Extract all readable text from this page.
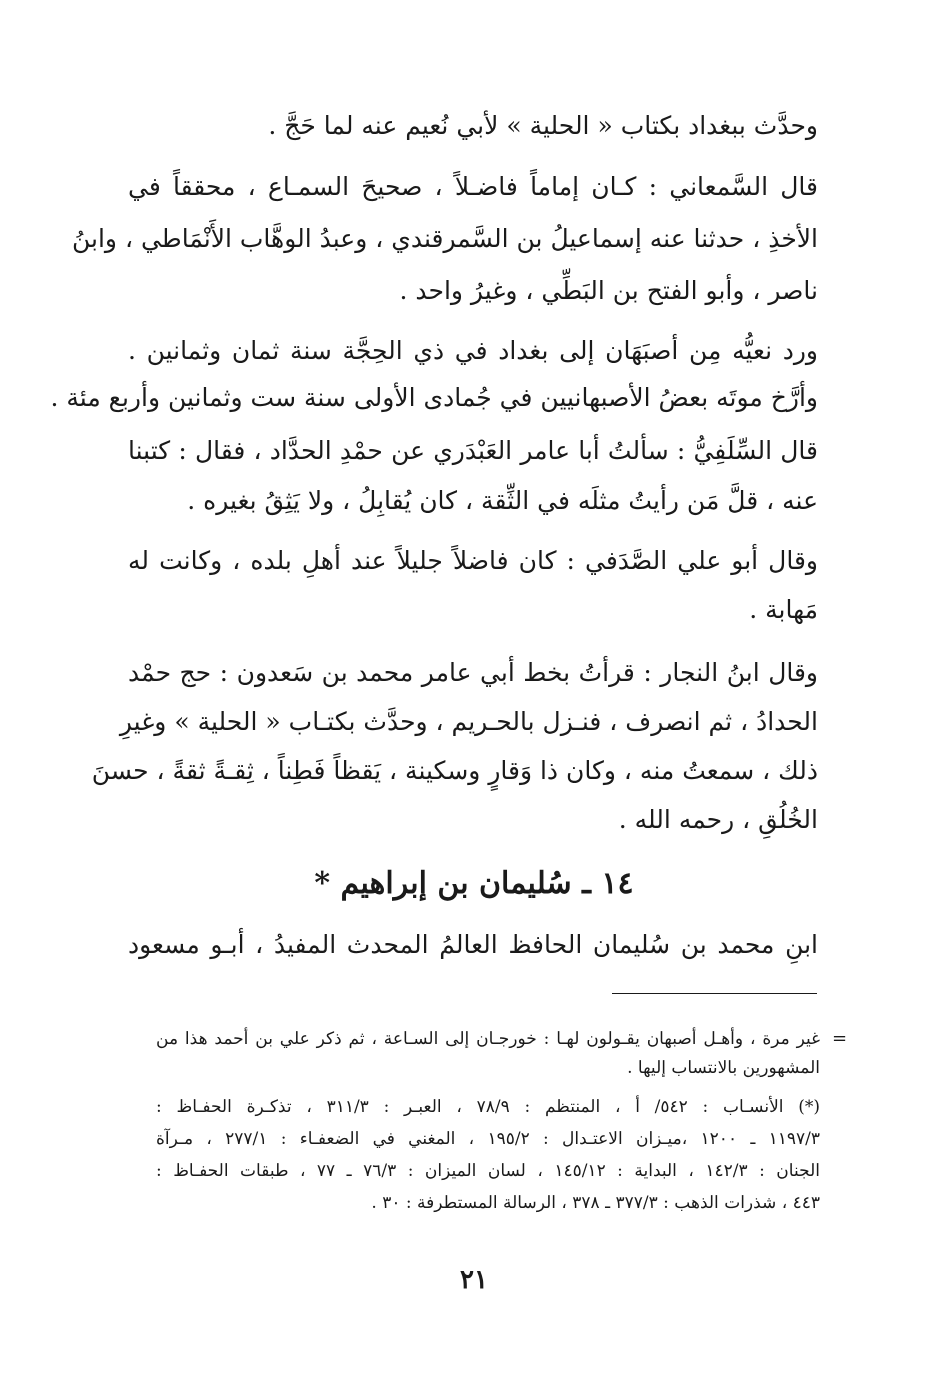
وحدَّث ببغداد بكتاب « الحلية » لأبي نُعيم عنه لما حَجَّ .
قال السَّمعاني : كـان إماماً فاضـلاً ، صحيحَ السمـاع ، محققاً في
الأخذِ ، حدثنا عنه إسماعيلُ بن السَّمرقندي ، وعبدُ الوهَّاب الأَنْمَاطي ، وابنُ
ناصر ، وأبو الفتح بن البَطِّي ، وغيرُ واحد .
ورد نعيُّه مِن أصبَهَان إلى بغداد في ذي الحِجَّة سنة ثمان وثمانين .
وأرَّخ موتَه بعضُ الأصبهانيين في جُمادى الأولى سنة ست وثمانين وأربع مئة .
قال السِّلَفِيُّ : سألتُ أبا عامر العَبْدَري عن حمْدِ الحدَّاد ، فقال : كتبنا
عنه ، قلَّ مَن رأيتُ مثلَه في الثِّقة ، كان يُقابِلُ ، ولا يَثِقُ بغيره .
وقال أبو علي الصَّدَفي : كان فاضلاً جليلاً عند أهلِ بلده ، وكانت له
مَهابة .
وقال ابنُ النجار : قرأتُ بخط أبي عامر محمد بن سَعدون : حج حمْد
الحدادُ ، ثم انصرف ، فنـزل بالحـريم ، وحدَّث بكتـاب « الحلية » وغيرِ
ذلك ، سمعتُ منه ، وكان ذا وَقارٍ وسكينة ، يَقظاً فَطِناً ، ثِقـةً ثقةً ، حسنَ
الخُلُقِ ، رحمه الله .
١٤ ـ سُليمان بن إبراهيم *
ابنِ محمد بن سُليمان الحافظ العالمُ المحدث المفيدُ ، أبـو مسعود
=
غير مرة ، وأهـل أصبهان يقـولون لهـا : خورجـان إلى السـاعة ، ثم ذكر علي بن أحمد هذا من
المشهورين بالانتساب إليها .
(*) الأنسـاب : ٥٤٢/ أ ، المنتظم : ٧٨/٩ ، العبـر : ٣١١/٣ ، تذكـرة الحفـاظ :
١١٩٧/٣ ـ ١٢٠٠ ،ميـزان الاعتـدال : ١٩٥/٢ ، المغني في الضعفـاء : ٢٧٧/١ ، مـرآة
الجنان : ١٤٢/٣ ، البداية : ١٤٥/١٢ ، لسان الميزان : ٧٦/٣ ـ ٧٧ ، طبقات الحفـاظ :
٤٤٣ ، شذرات الذهب : ٣٧٧/٣ ـ ٣٧٨ ، الرسالة المستطرفة : ٣٠ .
٢١
